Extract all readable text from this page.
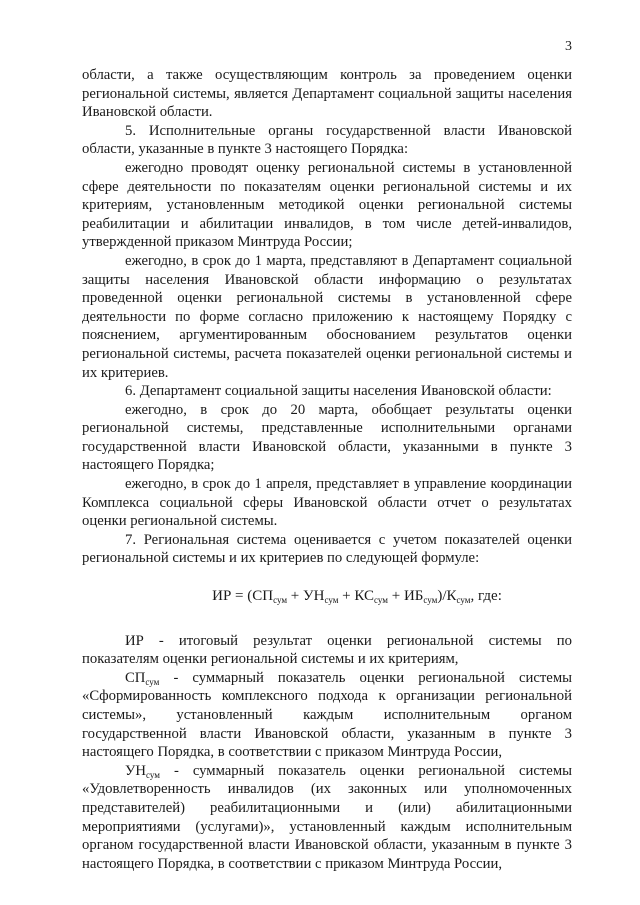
3

области, а также осуществляющим контроль за проведением оценки региональной системы, является Департамент социальной защиты населения Ивановской области.

5. Исполнительные органы государственной власти Ивановской области, указанные в пункте 3 настоящего Порядка:

ежегодно проводят оценку региональной системы в установленной сфере деятельности по показателям оценки региональной системы и их критериям, установленным методикой оценки региональной системы реабилитации и абилитации инвалидов, в том числе детей-инвалидов, утвержденной приказом Минтруда России;

ежегодно, в срок до 1 марта, представляют в Департамент социальной защиты населения Ивановской области информацию о результатах проведенной оценки региональной системы в установленной сфере деятельности по форме согласно приложению к настоящему Порядку с пояснением, аргументированным обоснованием результатов оценки региональной системы, расчета показателей оценки региональной системы и их критериев.

6. Департамент социальной защиты населения Ивановской области:

ежегодно, в срок до 20 марта, обобщает результаты оценки региональной системы, представленные исполнительными органами государственной власти Ивановской области, указанными в пункте 3 настоящего Порядка;

ежегодно, в срок до 1 апреля, представляет в управление координации Комплекса социальной сферы Ивановской области отчет о результатах оценки региональной системы.

7. Региональная система оценивается с учетом показателей оценки региональной системы и их критериев по следующей формуле:

ИР = $(СП_{сум} + УН_{сум} + КС_{сум} + ИБ_{сум})/К_{сум}$, где:

ИР - итоговый результат оценки региональной системы по показателям оценки региональной системы и их критериям,

$СП_{сум}$ - суммарный показатель оценки региональной системы «Сформированность комплексного подхода к организации региональной системы», установленный каждым исполнительным органом государственной власти Ивановской области, указанным в пункте 3 настоящего Порядка, в соответствии с приказом Минтруда России,

$УН_{сум}$ - суммарный показатель оценки региональной системы «Удовлетворенность инвалидов (их законных или уполномоченных представителей) реабилитационными и (или) абилитационными мероприятиями (услугами)», установленный каждым исполнительным органом государственной власти Ивановской области, указанным в пункте 3 настоящего Порядка, в соответствии с приказом Минтруда России,
